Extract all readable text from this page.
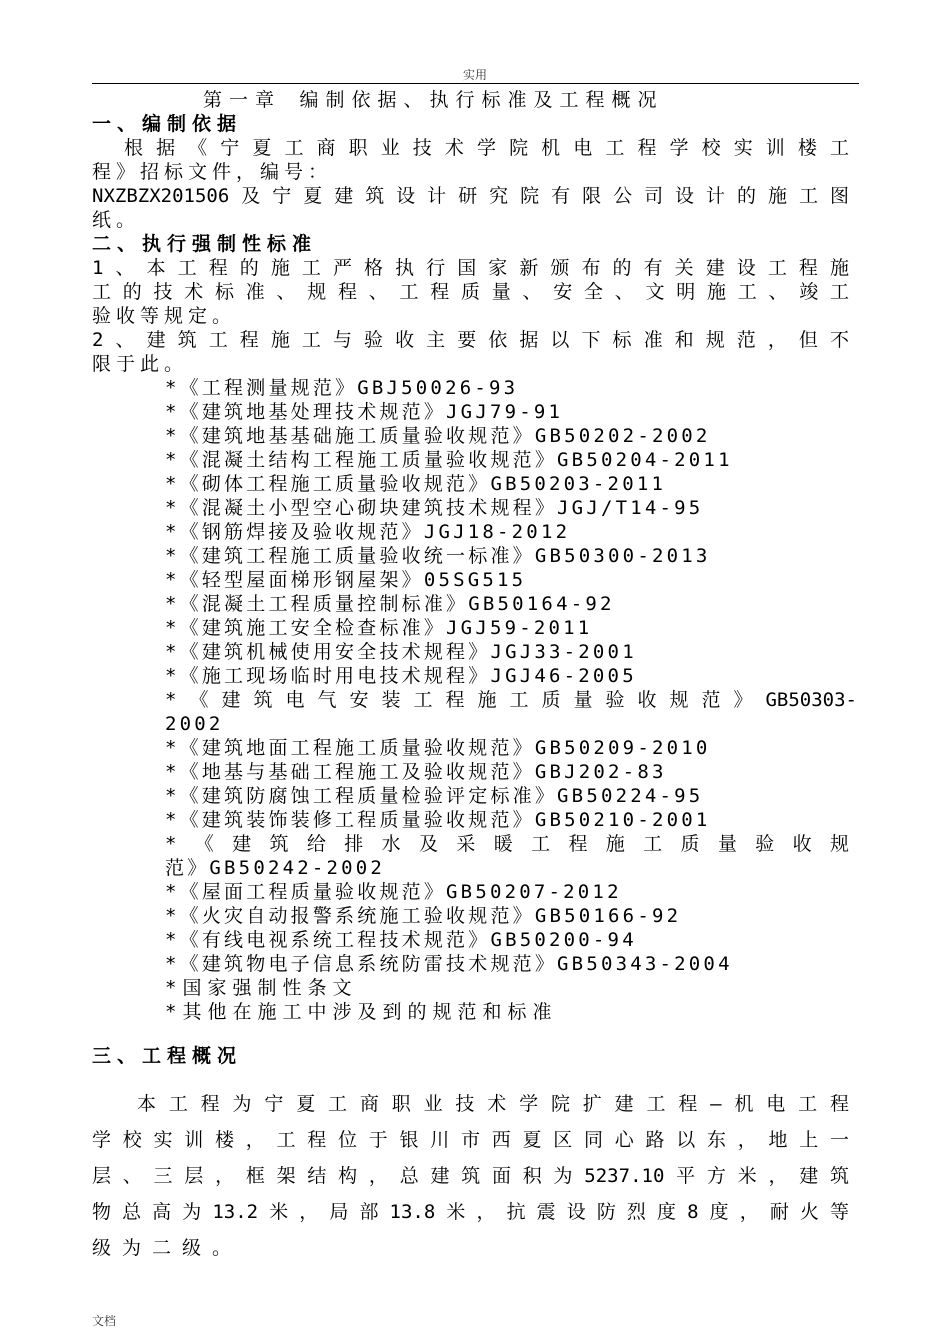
实用
第一章 编制依据、执行标准及工程概况
一、编制依据
根据《宁夏工商职业技术学院机电工程学校实训楼工
程》招标文件，编号：
NXZBZX201506及宁夏建筑设计研究院有限公司设计的施工图
纸。
二、执行强制性标准
1、本工程的施工严格执行国家新颁布的有关建设工程施
工的技术标准、规程、工程质量、安全、文明施工、竣工
验收等规定。
2、建筑工程施工与验收主要依据以下标准和规范，但不
限于此。
*《工程测量规范》GBJ50026-93
*《建筑地基处理技术规范》JGJ79-91
*《建筑地基基础施工质量验收规范》GB50202-2002
*《混凝土结构工程施工质量验收规范》GB50204-2011
*《砌体工程施工质量验收规范》GB50203-2011
*《混凝土小型空心砌块建筑技术规程》JGJ/T14-95
*《钢筋焊接及验收规范》JGJ18-2012
*《建筑工程施工质量验收统一标准》GB50300-2013
*《轻型屋面梯形钢屋架》05SG515
*《混凝土工程质量控制标准》GB50164-92
*《建筑施工安全检查标准》JGJ59-2011
*《建筑机械使用安全技术规程》JGJ33-2001
*《施工现场临时用电技术规程》JGJ46-2005
*《建筑电气安装工程施工质量验收规范》GB50303-
2002
*《建筑地面工程施工质量验收规范》GB50209-2010
*《地基与基础工程施工及验收规范》GBJ202-83
*《建筑防腐蚀工程质量检验评定标准》GB50224-95
*《建筑装饰装修工程质量验收规范》GB50210-2001
*《建筑给排水及采暖工程施工质量验收规
范》GB50242-2002
*《屋面工程质量验收规范》GB50207-2012
*《火灾自动报警系统施工验收规范》GB50166-92
*《有线电视系统工程技术规范》GB50200-94
*《建筑物电子信息系统防雷技术规范》GB50343-2004
*国家强制性条文
*其他在施工中涉及到的规范和标准
三、工程概况
本工程为宁夏工商职业技术学院扩建工程—机电工程
学校实训楼，工程位于银川市西夏区同心路以东，地上一
层、三层，框架结构，总建筑面积为5237.10平方米，建筑
物总高为13.2米，局部13.8米，抗震设防烈度8度，耐火等
级为二级。
文档
